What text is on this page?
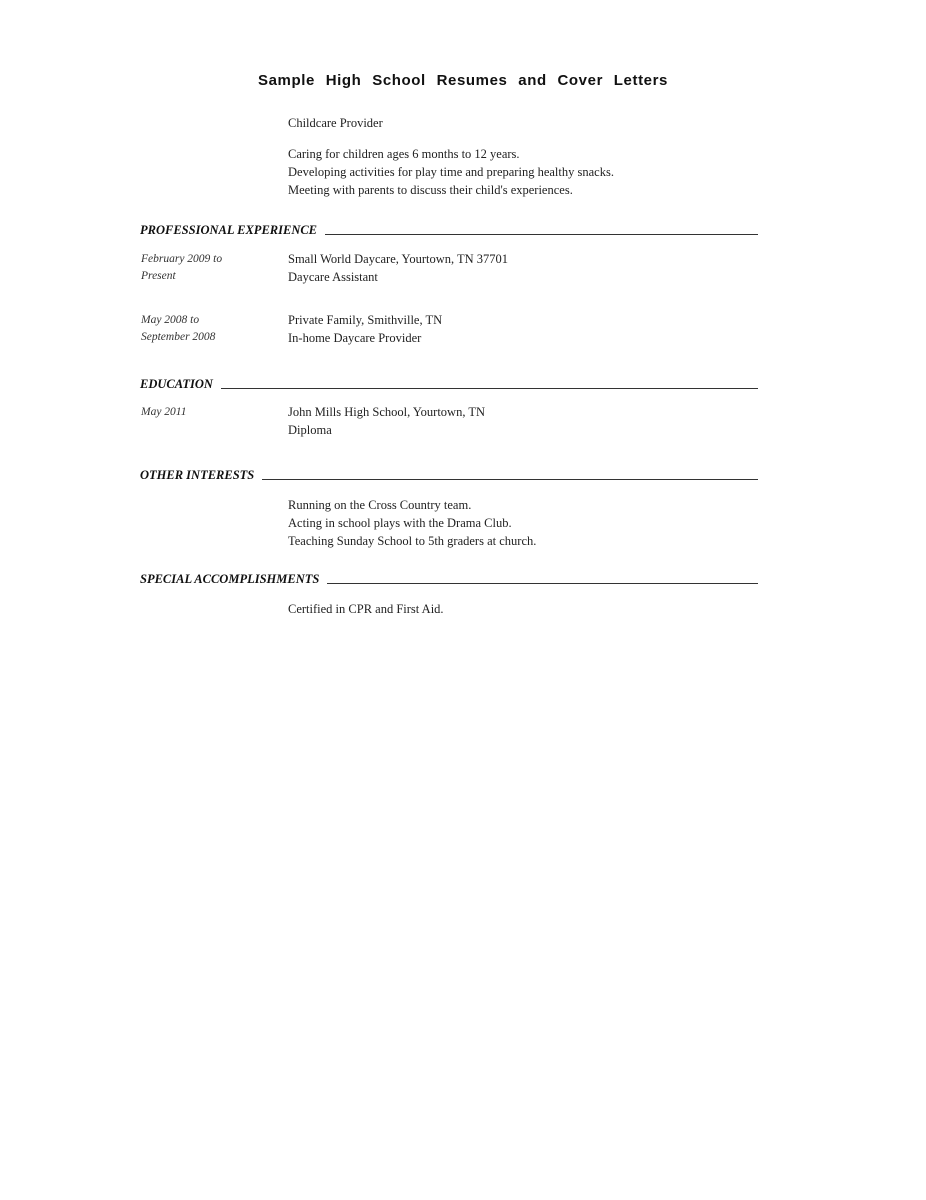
Sample High School Resumes and Cover Letters
Childcare Provider
Caring for children ages 6 months to 12 years.
Developing activities for play time and preparing healthy snacks.
Meeting with parents to discuss their child's experiences.
PROFESSIONAL EXPERIENCE
February 2009 to
Present
Small World Daycare, Yourtown, TN 37701
Daycare Assistant
May 2008 to
September 2008
Private Family, Smithville, TN
In-home Daycare Provider
EDUCATION
May 2011	John Mills High School, Yourtown, TN
Diploma
OTHER INTERESTS
Running on the Cross Country team.
Acting in school plays with the Drama Club.
Teaching Sunday School to 5th graders at church.
SPECIAL ACCOMPLISHMENTS
Certified in CPR and First Aid.
